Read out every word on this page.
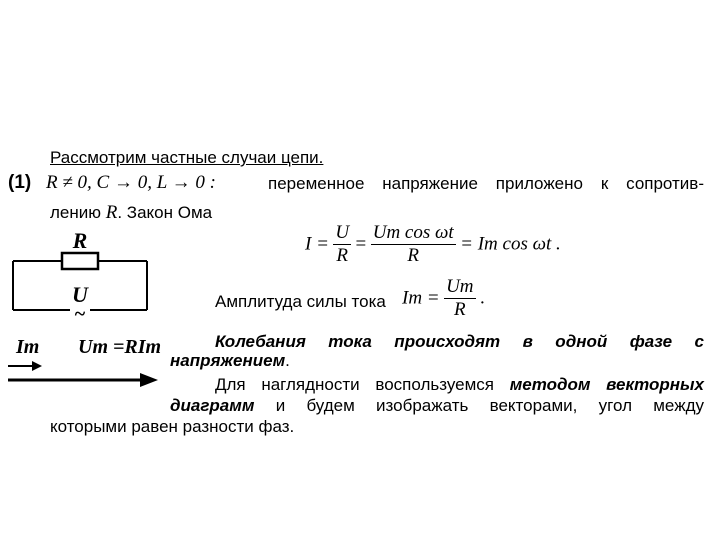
Рассмотрим частные случаи цепи.
(1) R ≠ 0, C → 0, L → 0 :	переменное напряжение приложено к сопротив-
лению R. Закон Ома
$I = \frac{U}{R} = \frac{\text{Um cos ωt}}{R} = Im$ cos ωt .
Амплитуда силы тока $Im = \frac{Um}{R}$ .
Колебания тока происходят в одной фазе с
напряжением.
Для наглядности воспользуемся методом векторных
диаграмм и будем изображать векторами, угол между
которыми равен разности фаз.
R
U
~
Im Um =RIm
